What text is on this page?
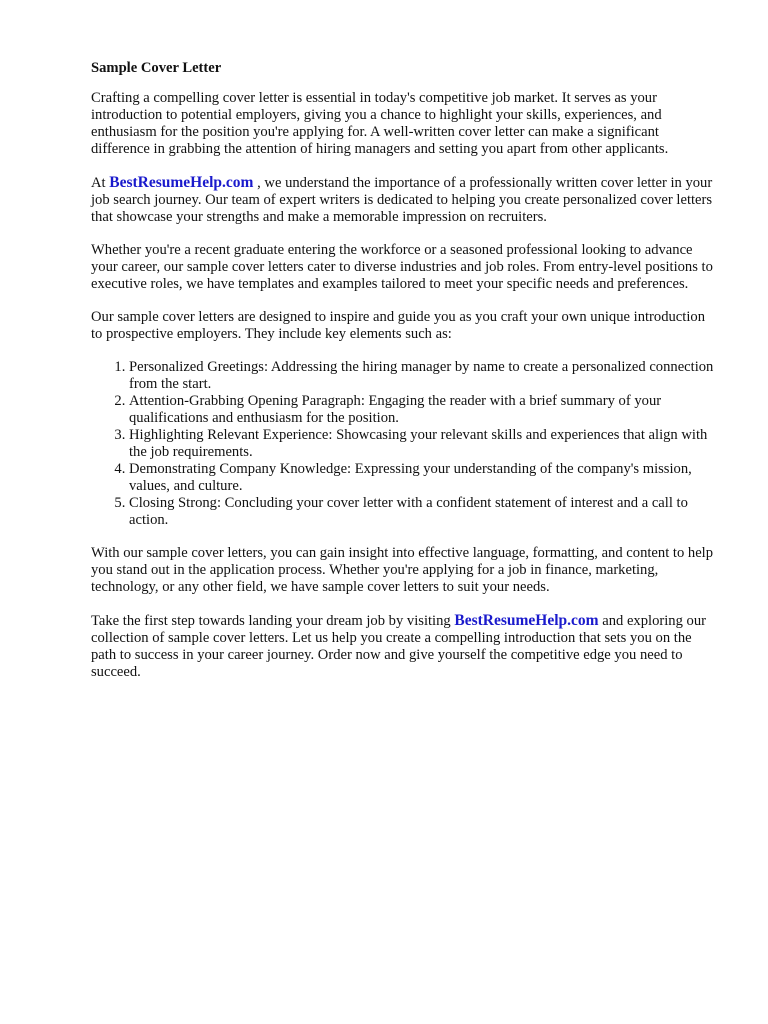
Sample Cover Letter

Crafting a compelling cover letter is essential in today's competitive job market. It serves as your introduction to potential employers, giving you a chance to highlight your skills, experiences, and enthusiasm for the position you're applying for. A well-written cover letter can make a significant difference in grabbing the attention of hiring managers and setting you apart from other applicants.

At BestResumeHelp.com , we understand the importance of a professionally written cover letter in your job search journey. Our team of expert writers is dedicated to helping you create personalized cover letters that showcase your strengths and make a memorable impression on recruiters.

Whether you're a recent graduate entering the workforce or a seasoned professional looking to advance your career, our sample cover letters cater to diverse industries and job roles. From entry-level positions to executive roles, we have templates and examples tailored to meet your specific needs and preferences.

Our sample cover letters are designed to inspire and guide you as you craft your own unique introduction to prospective employers. They include key elements such as:

1. Personalized Greetings: Addressing the hiring manager by name to create a personalized connection from the start.
2. Attention-Grabbing Opening Paragraph: Engaging the reader with a brief summary of your qualifications and enthusiasm for the position.
3. Highlighting Relevant Experience: Showcasing your relevant skills and experiences that align with the job requirements.
4. Demonstrating Company Knowledge: Expressing your understanding of the company's mission, values, and culture.
5. Closing Strong: Concluding your cover letter with a confident statement of interest and a call to action.

With our sample cover letters, you can gain insight into effective language, formatting, and content to help you stand out in the application process. Whether you're applying for a job in finance, marketing, technology, or any other field, we have sample cover letters to suit your needs.

Take the first step towards landing your dream job by visiting BestResumeHelp.com and exploring our collection of sample cover letters. Let us help you create a compelling introduction that sets you on the path to success in your career journey. Order now and give yourself the competitive edge you need to succeed.
